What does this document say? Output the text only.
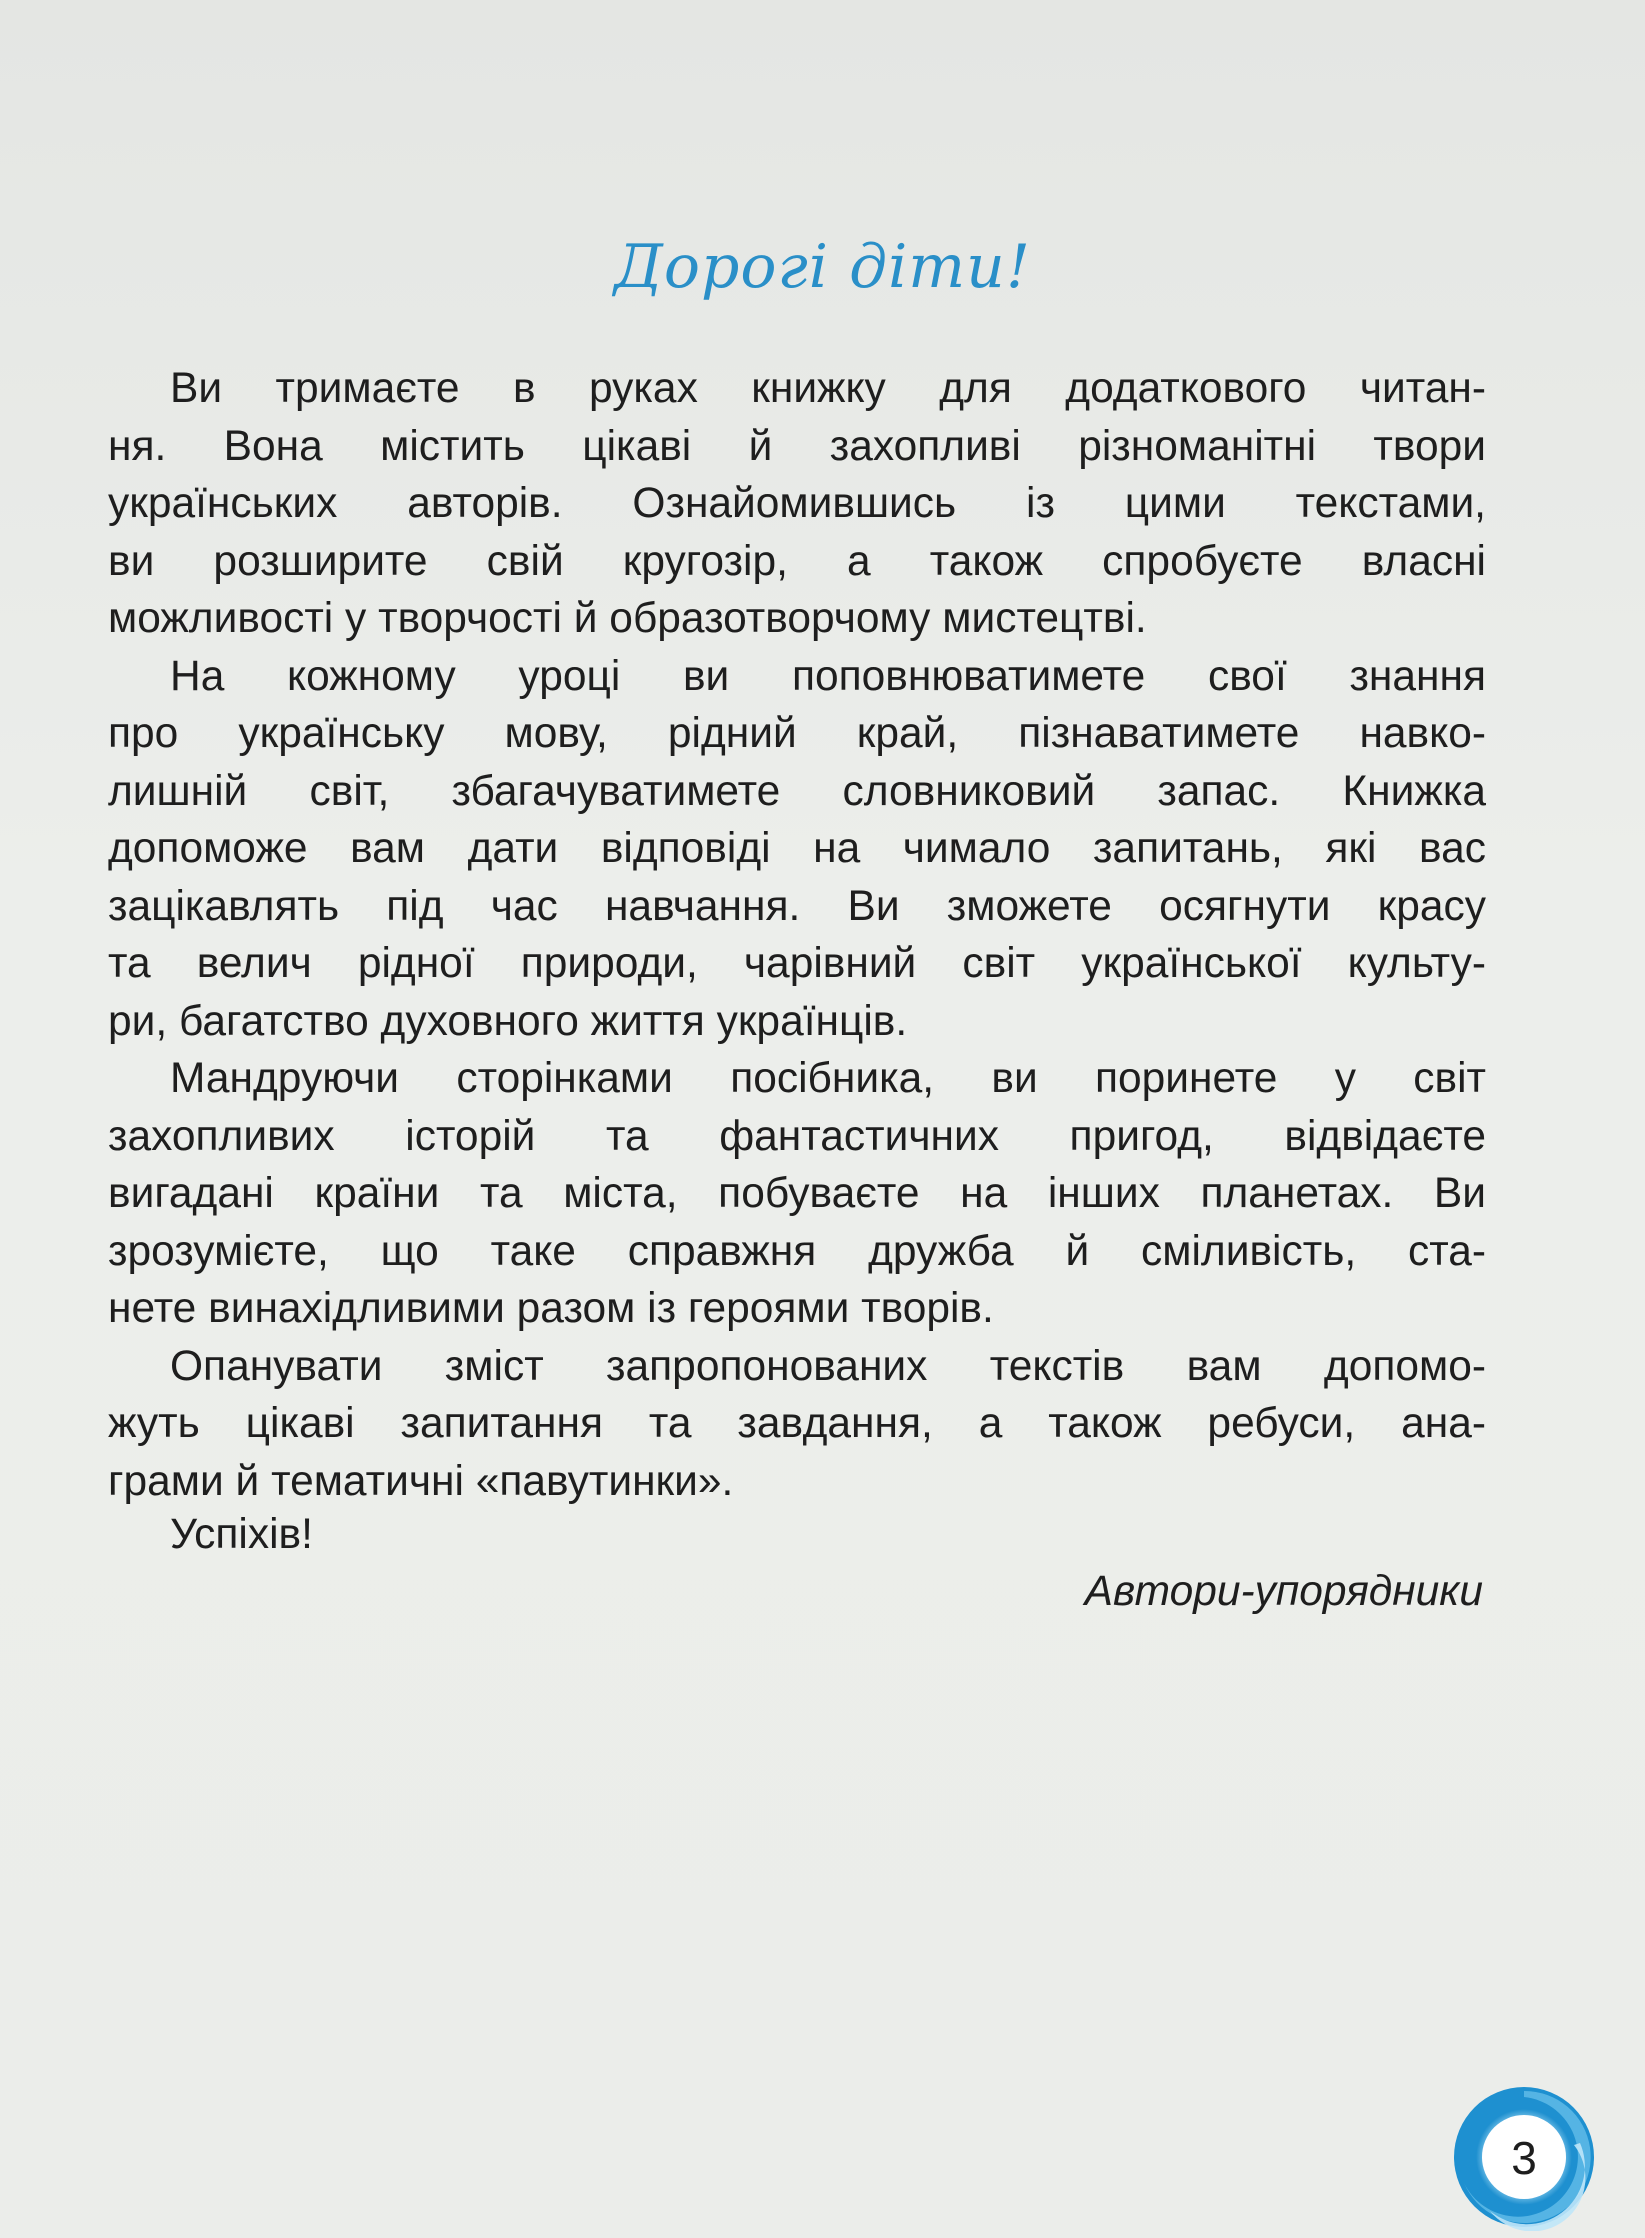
Дорогі діти!

Ви тримаєте в руках книжку для додаткового читан-
ня. Вона містить цікаві й захопливі різноманітні твори
українських авторів. Ознайомившись із цими текстами,
ви розширите свій кругозір, а також спробуєте власні
можливості у творчості й образотворчому мистецтві.

На кожному уроці ви поповнюватимете свої знання
про українську мову, рідний край, пізнаватимете навко-
лишній світ, збагачуватимете словниковий запас. Книжка
допоможе вам дати відповіді на чимало запитань, які вас
зацікавлять під час навчання. Ви зможете осягнути красу
та велич рідної природи, чарівний світ української культу-
ри, багатство духовного життя українців.

Мандруючи сторінками посібника, ви поринете у світ
захопливих історій та фантастичних пригод, відвідаєте
вигадані країни та міста, побуваєте на інших планетах. Ви
зрозумієте, що таке справжня дружба й сміливість, ста-
нете винахідливими разом із героями творів.

Опанувати зміст запропонованих текстів вам допомо-
жуть цікаві запитання та завдання, а також ребуси, ана-
грами й тематичні «павутинки».

Успіхів!
Автори-упорядники
3
